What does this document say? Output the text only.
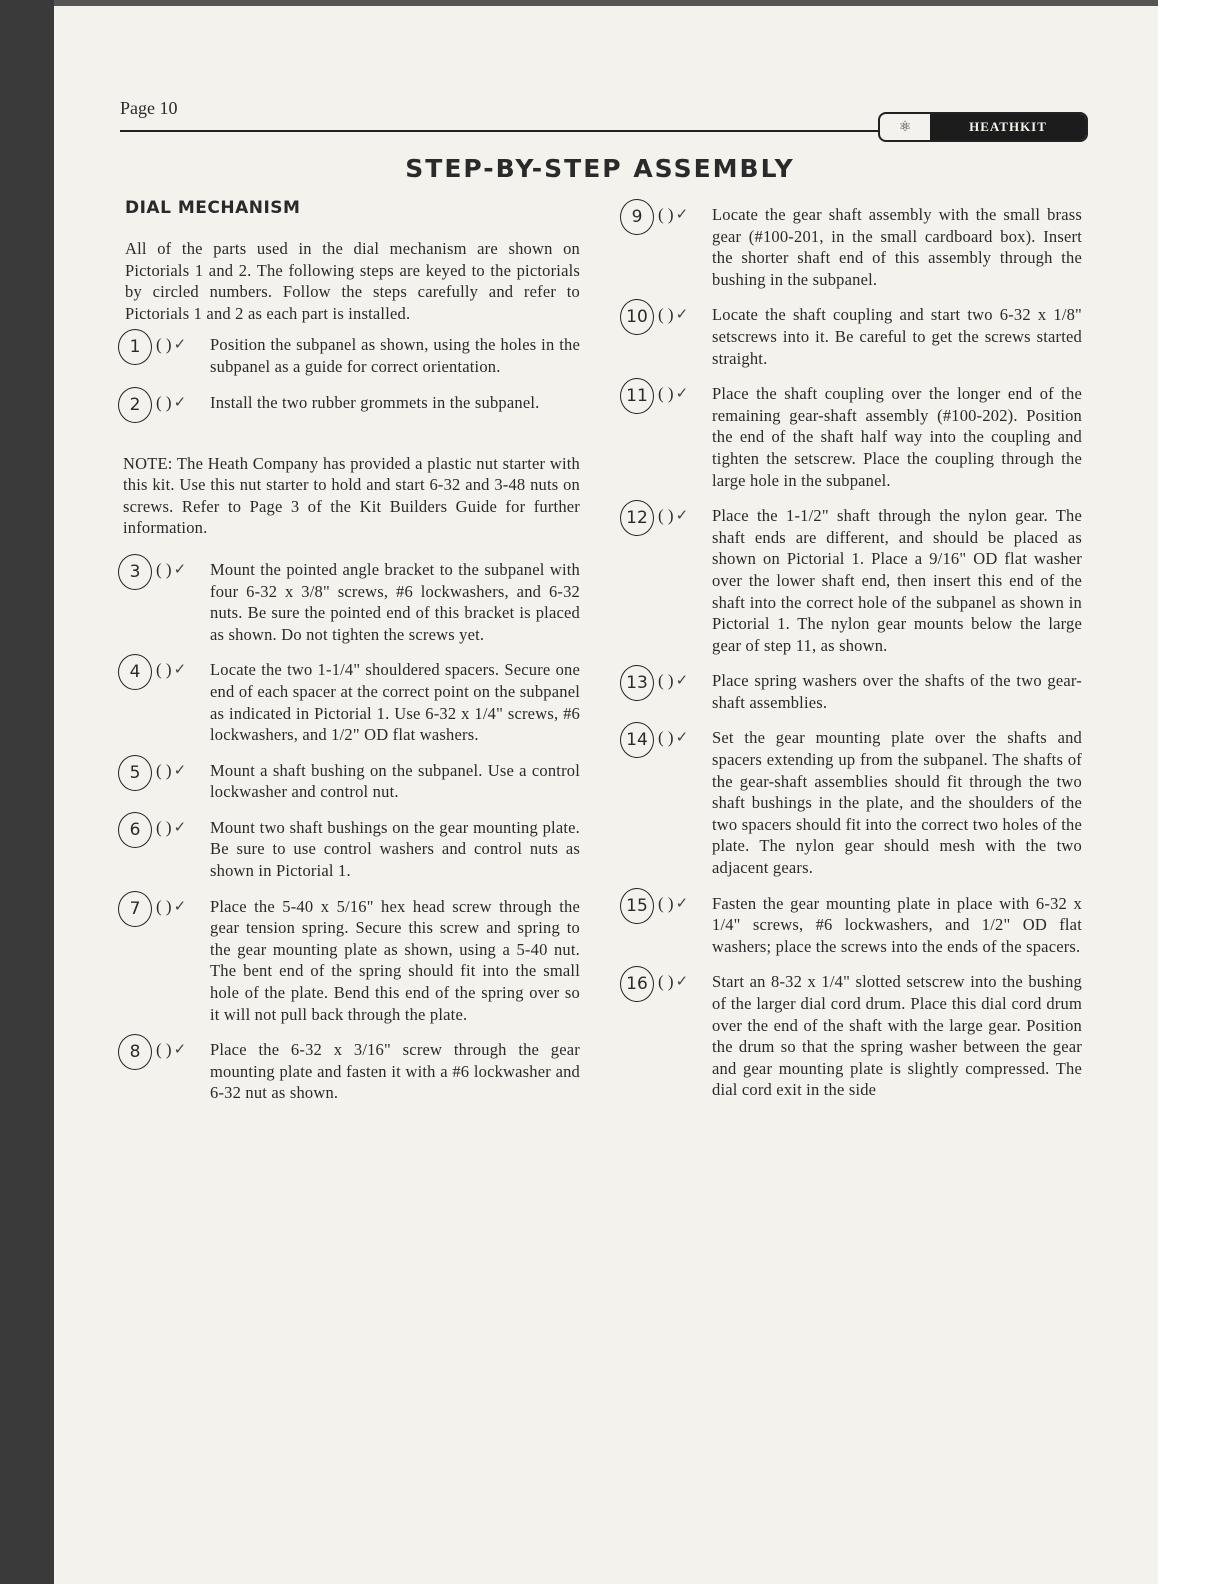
Page 10
⚛	HEATHKIT
STEP-BY-STEP ASSEMBLY
DIAL MECHANISM
All of the parts used in the dial mechanism are shown on Pictorials 1 and 2. The following steps are keyed to the pictorials by circled numbers. Follow the steps carefully and refer to Pictorials 1 and 2 as each part is installed.
1 ( ) ✓ Position the subpanel as shown, using the holes in the subpanel as a guide for correct orientation.
2 ( ) ✓ Install the two rubber grommets in the subpanel.
NOTE: The Heath Company has provided a plastic nut starter with this kit. Use this nut starter to hold and start 6-32 and 3-48 nuts on screws. Refer to Page 3 of the Kit Builders Guide for further information.
3 ( ) ✓ Mount the pointed angle bracket to the subpanel with four 6-32 x 3/8" screws, #6 lockwashers, and 6-32 nuts. Be sure the pointed end of this bracket is placed as shown. Do not tighten the screws yet.
4 ( ) ✓ Locate the two 1-1/4" shouldered spacers. Secure one end of each spacer at the correct point on the subpanel as indicated in Pictorial 1. Use 6-32 x 1/4" screws, #6 lockwashers, and 1/2" OD flat washers.
5 ( ) ✓ Mount a shaft bushing on the subpanel. Use a control lockwasher and control nut.
6 ( ) ✓ Mount two shaft bushings on the gear mounting plate. Be sure to use control washers and control nuts as shown in Pictorial 1.
7 ( ) ✓ Place the 5-40 x 5/16" hex head screw through the gear tension spring. Secure this screw and spring to the gear mounting plate as shown, using a 5-40 nut. The bent end of the spring should fit into the small hole of the plate. Bend this end of the spring over so it will not pull back through the plate.
8 ( ) ✓ Place the 6-32 x 3/16" screw through the gear mounting plate and fasten it with a #6 lockwasher and 6-32 nut as shown.
9 ( ) ✓ Locate the gear shaft assembly with the small brass gear (#100-201, in the small cardboard box). Insert the shorter shaft end of this assembly through the bushing in the subpanel.
10 ( ) ✓ Locate the shaft coupling and start two 6-32 x 1/8" setscrews into it. Be careful to get the screws started straight.
11 ( ) ✓ Place the shaft coupling over the longer end of the remaining gear-shaft assembly (#100-202). Position the end of the shaft half way into the coupling and tighten the setscrew. Place the coupling through the large hole in the subpanel.
12 ( ) ✓ Place the 1-1/2" shaft through the nylon gear. The shaft ends are different, and should be placed as shown on Pictorial 1. Place a 9/16" OD flat washer over the lower shaft end, then insert this end of the shaft into the correct hole of the subpanel as shown in Pictorial 1. The nylon gear mounts below the large gear of step 11, as shown.
13 ( ) ✓ Place spring washers over the shafts of the two gear-shaft assemblies.
14 ( ) ✓ Set the gear mounting plate over the shafts and spacers extending up from the subpanel. The shafts of the gear-shaft assemblies should fit through the two shaft bushings in the plate, and the shoulders of the two spacers should fit into the correct two holes of the plate. The nylon gear should mesh with the two adjacent gears.
15 ( ) ✓ Fasten the gear mounting plate in place with 6-32 x 1/4" screws, #6 lockwashers, and 1/2" OD flat washers; place the screws into the ends of the spacers.
16 ( ) ✓ Start an 8-32 x 1/4" slotted setscrew into the bushing of the larger dial cord drum. Place this dial cord drum over the end of the shaft with the large gear. Position the drum so that the spring washer between the gear and gear mounting plate is slightly compressed. The dial cord exit in the side
